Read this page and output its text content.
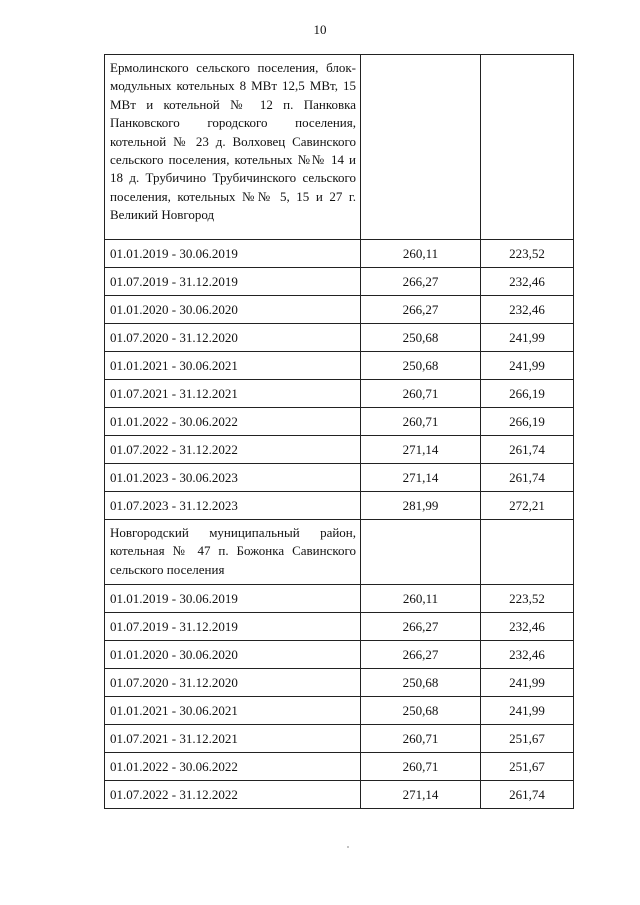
10
Ермолинского сельского поселения, блок-модульных котельных 8 МВт 12,5 МВт, 15 МВт и котельной № 12 п. Панковка Панковского городского поселения, котельной № 23 д. Волховец Савинского сельского поселения, котельных №№ 14 и 18 д. Трубичино Трубичинского сельского поселения, котельных №№ 5, 15 и 27 г. Великий Новгород		
01.01.2019 - 30.06.2019	260,11	223,52
01.07.2019 - 31.12.2019	266,27	232,46
01.01.2020 - 30.06.2020	266,27	232,46
01.07.2020 - 31.12.2020	250,68	241,99
01.01.2021 - 30.06.2021	250,68	241,99
01.07.2021 - 31.12.2021	260,71	266,19
01.01.2022 - 30.06.2022	260,71	266,19
01.07.2022 - 31.12.2022	271,14	261,74
01.01.2023 - 30.06.2023	271,14	261,74
01.07.2023 - 31.12.2023	281,99	272,21
Новгородский муниципальный район, котельная № 47 п. Божонка Савинского сельского поселения		
01.01.2019 - 30.06.2019	260,11	223,52
01.07.2019 - 31.12.2019	266,27	232,46
01.01.2020 - 30.06.2020	266,27	232,46
01.07.2020 - 31.12.2020	250,68	241,99
01.01.2021 - 30.06.2021	250,68	241,99
01.07.2021 - 31.12.2021	260,71	251,67
01.01.2022 - 30.06.2022	260,71	251,67
01.07.2022 - 31.12.2022	271,14	261,74
